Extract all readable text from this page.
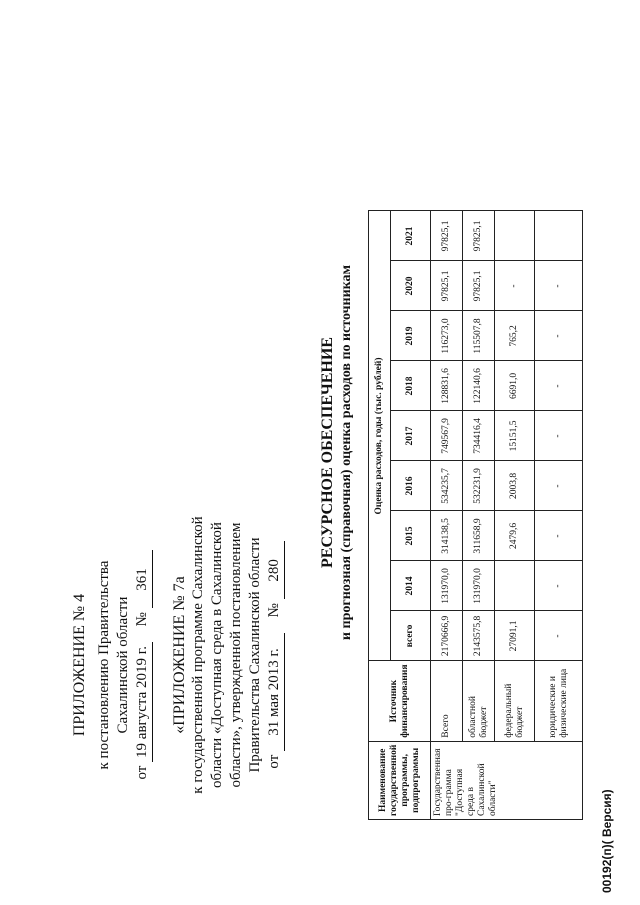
ПРИЛОЖЕНИЕ № 4 к постановлению Правительства Сахалинской области
от 19 августа 2019 г.  № 361 «ПРИЛОЖЕНИЕ № 7а к государственной программе Сахалинской области «Доступная среда в Сахалинской области», утвержденной постановлением Правительства Сахалинской области от 31 мая 2013 г.  № 280
РЕСУРСНОЕ ОБЕСПЕЧЕНИЕ и прогнозная (справочная) оценка расходов по источникам
Наименование государственной программы, подпрограммы	Источник финансирования	Оценка расходов, годы (тыс. рублей)								
		всего	2014	2015	2016	2017	2018	2019	2020	2021
Государственная про-грамма "Доступная среда в Сахалинской области"	Всего	2170666,9	131970,0	314138,5	534235,7	749567,9	128831,6	116273,0	97825,1	97825,1
	областной бюджет	2143575,8	131970,0	311658,9	532231,9	734416,4	122140,6	115507,8	97825,1	97825,1
	федеральный бюджет	27091,1		2479,6	2003,8	15151,5	6691,0	765,2	-	
	юридические и физические лица	-	-	-	-	-	-	-	-	
00192(п)( Версия)
